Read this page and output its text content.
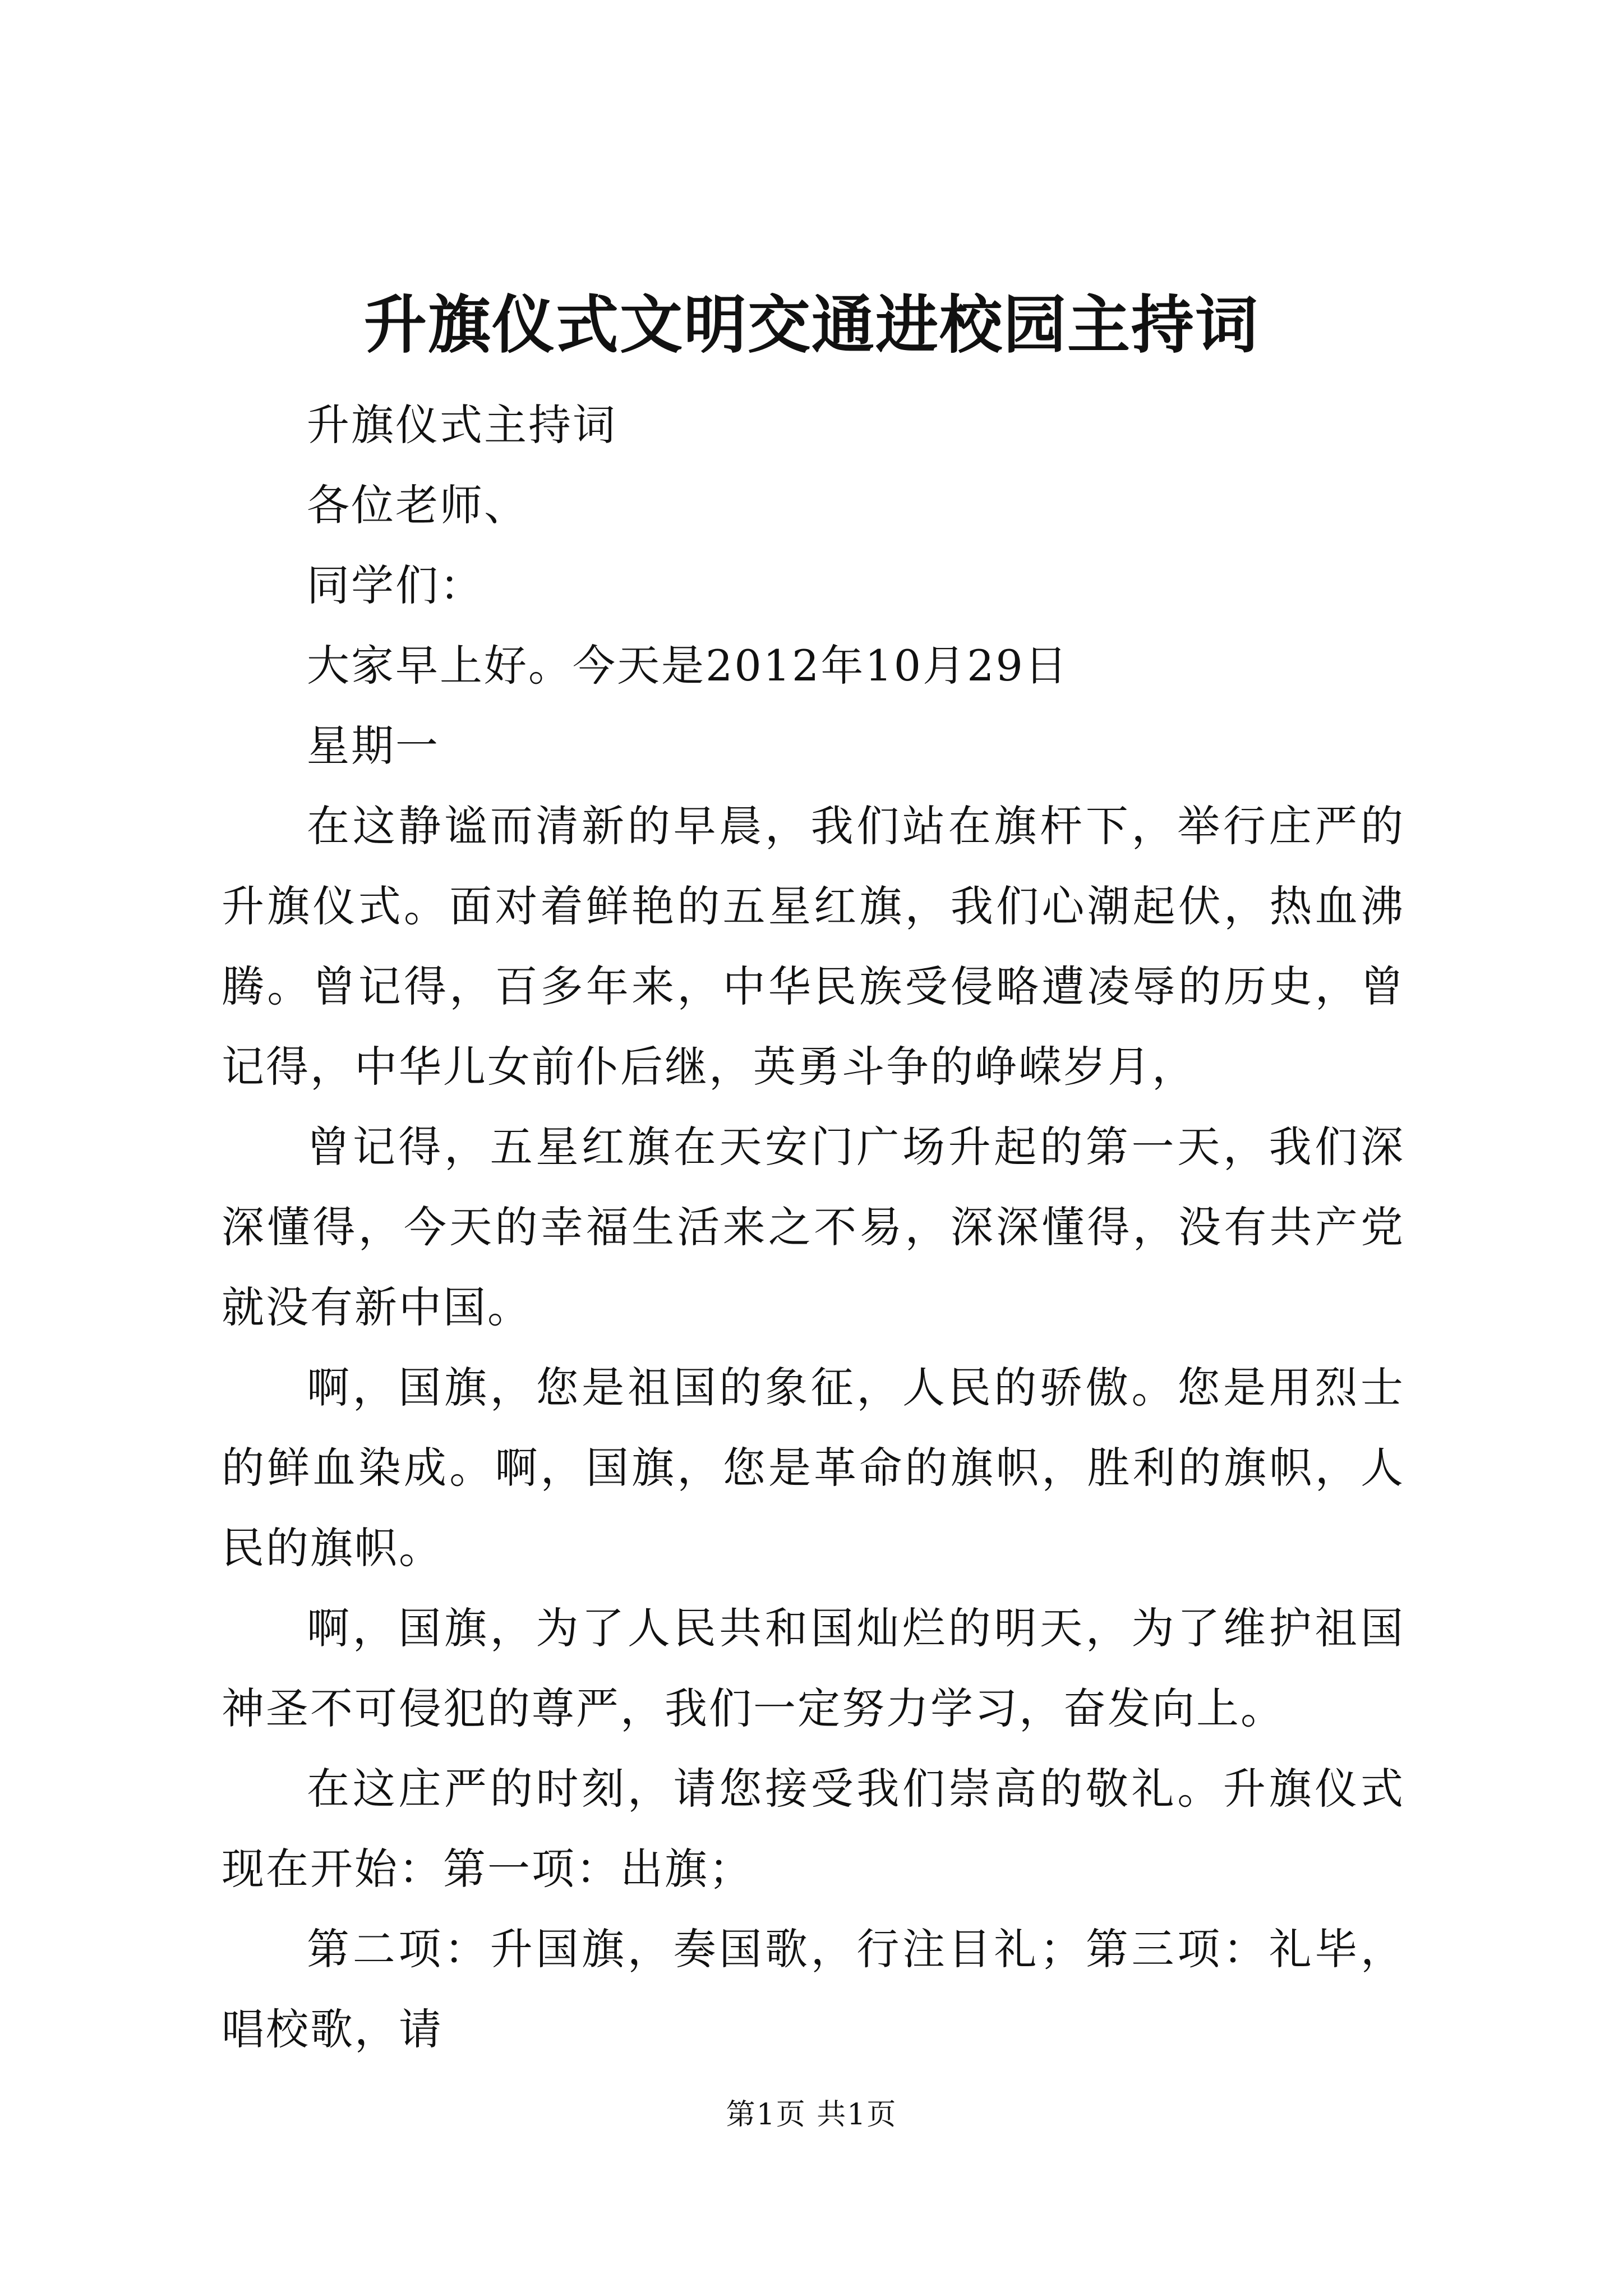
升旗仪式文明交通进校园主持词

升旗仪式主持词

各位老师、

同学们：

大家早上好。今天是2012年10月29日

星期一

在这静谧而清新的早晨，我们站在旗杆下，举行庄严的升旗仪式。面对着鲜艳的五星红旗，我们心潮起伏，热血沸腾。曾记得，百多年来，中华民族受侵略遭凌辱的历史，曾记得，中华儿女前仆后继，英勇斗争的峥嵘岁月，

曾记得，五星红旗在天安门广场升起的第一天，我们深深懂得，今天的幸福生活来之不易，深深懂得，没有共产党就没有新中国。

啊，国旗，您是祖国的象征，人民的骄傲。您是用烈士的鲜血染成。啊，国旗，您是革命的旗帜，胜利的旗帜，人民的旗帜。

啊，国旗，为了人民共和国灿烂的明天，为了维护祖国神圣不可侵犯的尊严，我们一定努力学习，奋发向上。

在这庄严的时刻，请您接受我们崇高的敬礼。升旗仪式现在开始：第一项：出旗；

第二项：升国旗，奏国歌，行注目礼；第三项：礼毕，唱校歌，请

第1页 共1页
